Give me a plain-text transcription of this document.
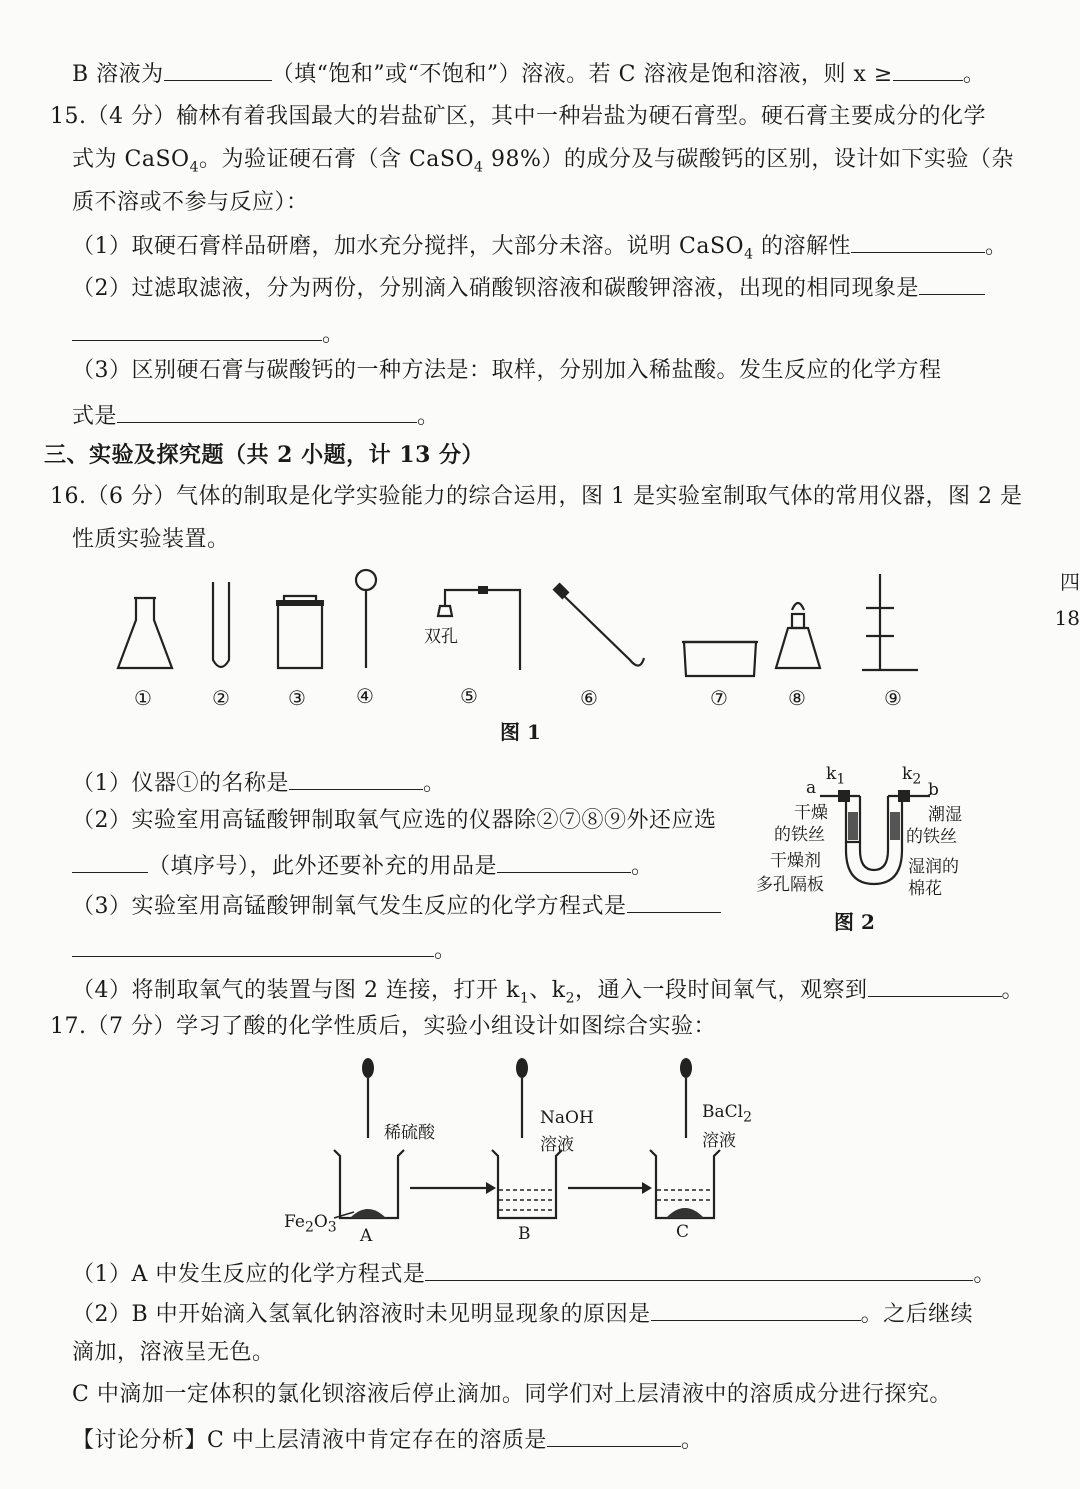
B 溶液为	（填“饱和”或“不饱和”）溶液。若 C 溶液是饱和溶液，则 x ≥	。
15.（4 分）榆林有着我国最大的岩盐矿区，其中一种岩盐为硬石膏型。硬石膏主要成分的化学
式为 CaSO$_4$。为验证硬石膏（含 CaSO$_4$ 98%）的成分及与碳酸钙的区别，设计如下实验（杂
质不溶或不参与反应）：
（1）取硬石膏样品研磨，加水充分搅拌，大部分未溶。说明 CaSO$_4$ 的溶解性	。
（2）过滤取滤液，分为两份，分别滴入硝酸钡溶液和碳酸钾溶液，出现的相同现象是
。
（3）区别硬石膏与碳酸钙的一种方法是：取样，分别加入稀盐酸。发生反应的化学方程
式是	。
三、实验及探究题（共 2 小题，计 13 分）
16.（6 分）气体的制取是化学实验能力的综合运用，图 1 是实验室制取气体的常用仪器，图 2 是
性质实验装置。
双孔
①	②	③	④	⑤	⑥	⑦	⑧	⑨
图 1
（1）仪器①的名称是	。
（2）实验室用高锰酸钾制取氧气应选的仪器除②⑦⑧⑨外还应选
（填序号），此外还要补充的用品是	。
（3）实验室用高锰酸钾制氧气发生反应的化学方程式是
。
a
$k_1$	$k_2$
b
干燥
的铁丝
潮湿
的铁丝
干燥剂
多孔隔板
湿润的
棉花
图 2
（4）将制取氧气的装置与图 2 连接，打开 $k_1$、$k_2$，通入一段时间氧气，观察到	。
17.（7 分）学习了酸的化学性质后，实验小组设计如图综合实验：
稀硫酸
NaOH
溶液
BaCl$_2$
溶液
$Fe_2O_3$ A	B	C
（1）A 中发生反应的化学方程式是	。
（2）B 中开始滴入氢氧化钠溶液时未见明显现象的原因是	。之后继续
滴加，溶液呈无色。
C 中滴加一定体积的氯化钡溶液后停止滴加。同学们对上层清液中的溶质成分进行探究。
【讨论分析】C 中上层清液中肯定存在的溶质是	。
四
18
